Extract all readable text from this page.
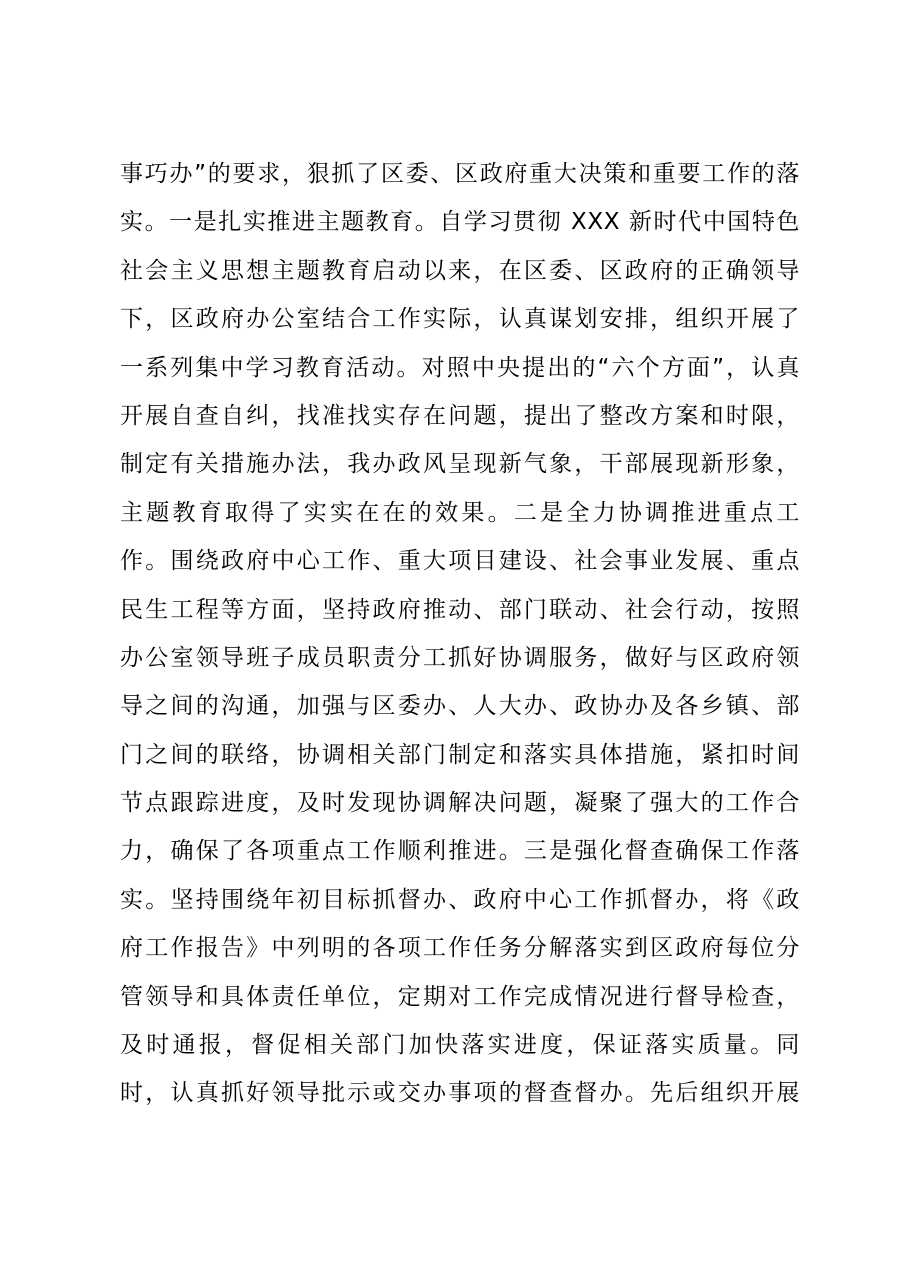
事巧办”的要求，狠抓了区委、区政府重大决策和重要工作的落
实。一是扎实推进主题教育。自学习贯彻 XXX 新时代中国特色
社会主义思想主题教育启动以来，在区委、区政府的正确领导
下，区政府办公室结合工作实际，认真谋划安排，组织开展了
一系列集中学习教育活动。对照中央提出的“六个方面”，认真
开展自查自纠，找准找实存在问题，提出了整改方案和时限，
制定有关措施办法，我办政风呈现新气象，干部展现新形象，
主题教育取得了实实在在的效果。二是全力协调推进重点工
作。围绕政府中心工作、重大项目建设、社会事业发展、重点
民生工程等方面，坚持政府推动、部门联动、社会行动，按照
办公室领导班子成员职责分工抓好协调服务，做好与区政府领
导之间的沟通，加强与区委办、人大办、政协办及各乡镇、部
门之间的联络，协调相关部门制定和落实具体措施，紧扣时间
节点跟踪进度，及时发现协调解决问题，凝聚了强大的工作合
力，确保了各项重点工作顺利推进。三是强化督查确保工作落
实。坚持围绕年初目标抓督办、政府中心工作抓督办，将《政
府工作报告》中列明的各项工作任务分解落实到区政府每位分
管领导和具体责任单位，定期对工作完成情况进行督导检查，
及时通报，督促相关部门加快落实进度，保证落实质量。同
时，认真抓好领导批示或交办事项的督查督办。先后组织开展
